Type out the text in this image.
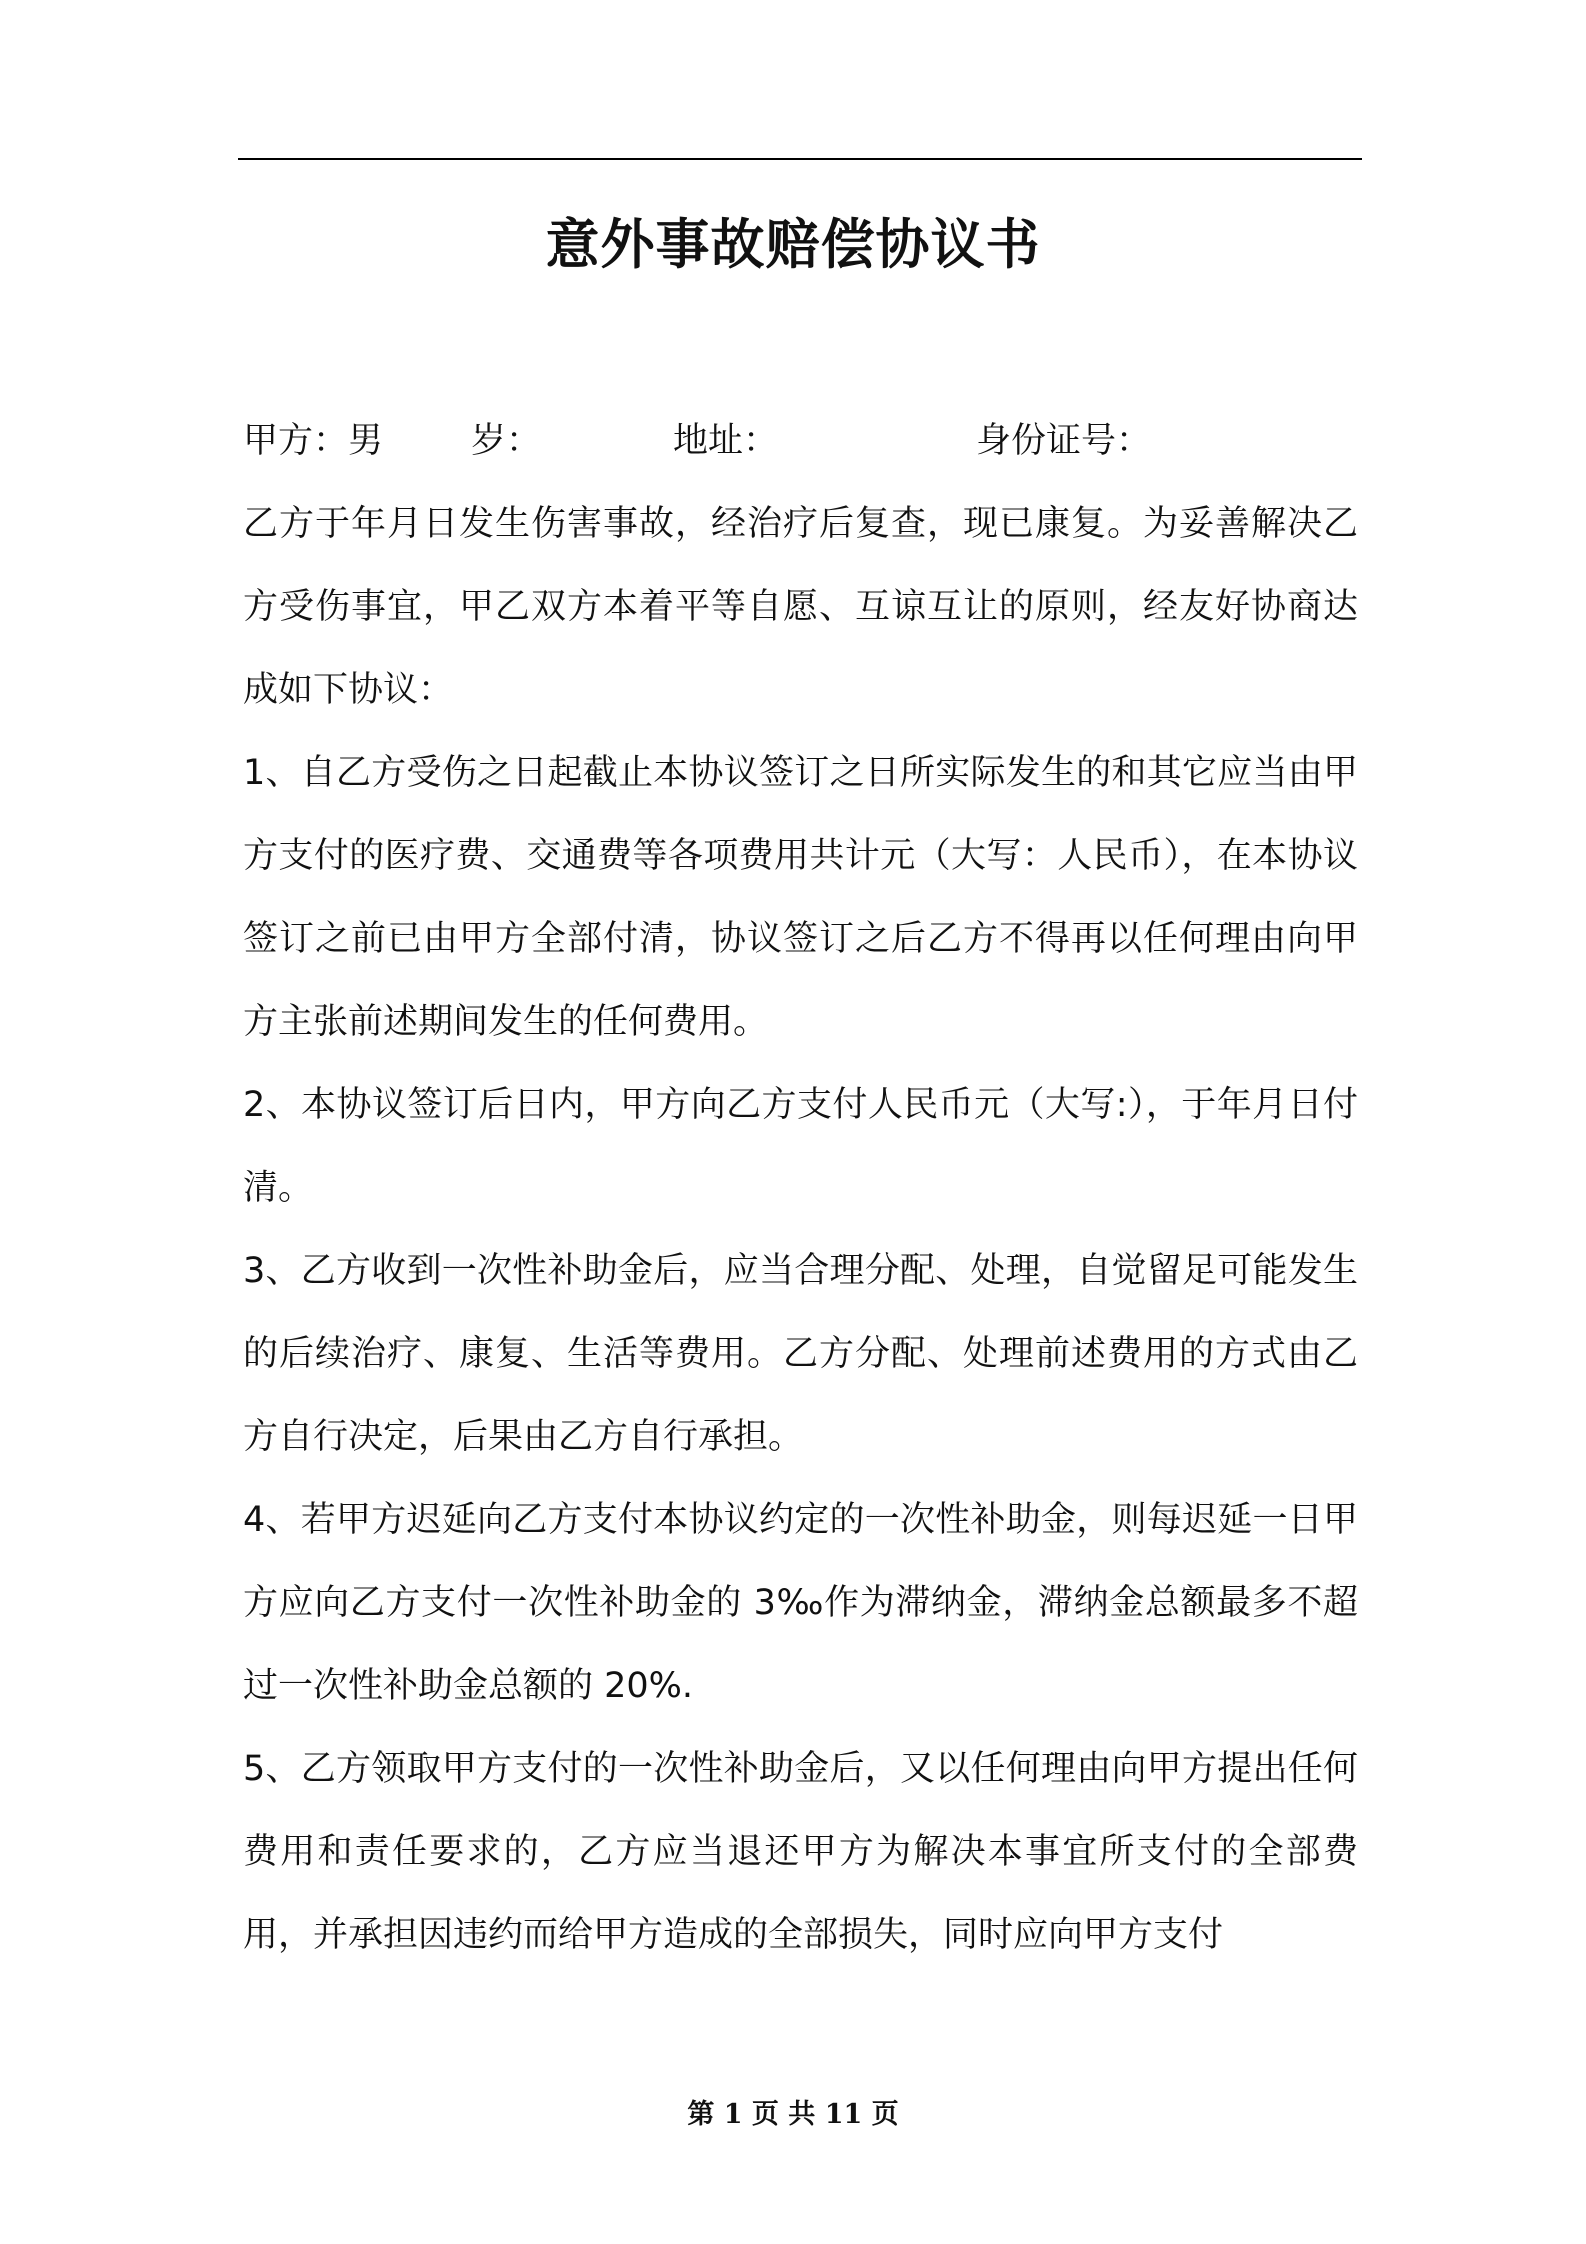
意外事故赔偿协议书
甲方：男	岁：	地址：	身份证号：

乙方于年月日发生伤害事故，经治疗后复查，现已康复。为妥善解决乙方受伤事宜，甲乙双方本着平等自愿、互谅互让的原则，经友好协商达成如下协议：

1、自乙方受伤之日起截止本协议签订之日所实际发生的和其它应当由甲方支付的医疗费、交通费等各项费用共计元（大写：人民币），在本协议签订之前已由甲方全部付清，协议签订之后乙方不得再以任何理由向甲方主张前述期间发生的任何费用。

2、本协议签订后日内，甲方向乙方支付人民币元（大写:），于年月日付清。

3、乙方收到一次性补助金后，应当合理分配、处理，自觉留足可能发生的后续治疗、康复、生活等费用。乙方分配、处理前述费用的方式由乙方自行决定，后果由乙方自行承担。

4、若甲方迟延向乙方支付本协议约定的一次性补助金，则每迟延一日甲方应向乙方支付一次性补助金的 3‰作为滞纳金，滞纳金总额最多不超过一次性补助金总额的 20%.

5、乙方领取甲方支付的一次性补助金后，又以任何理由向甲方提出任何费用和责任要求的，乙方应当退还甲方为解决本事宜所支付的全部费用，并承担因违约而给甲方造成的全部损失，同时应向甲方支付

第 1 页 共 11 页
